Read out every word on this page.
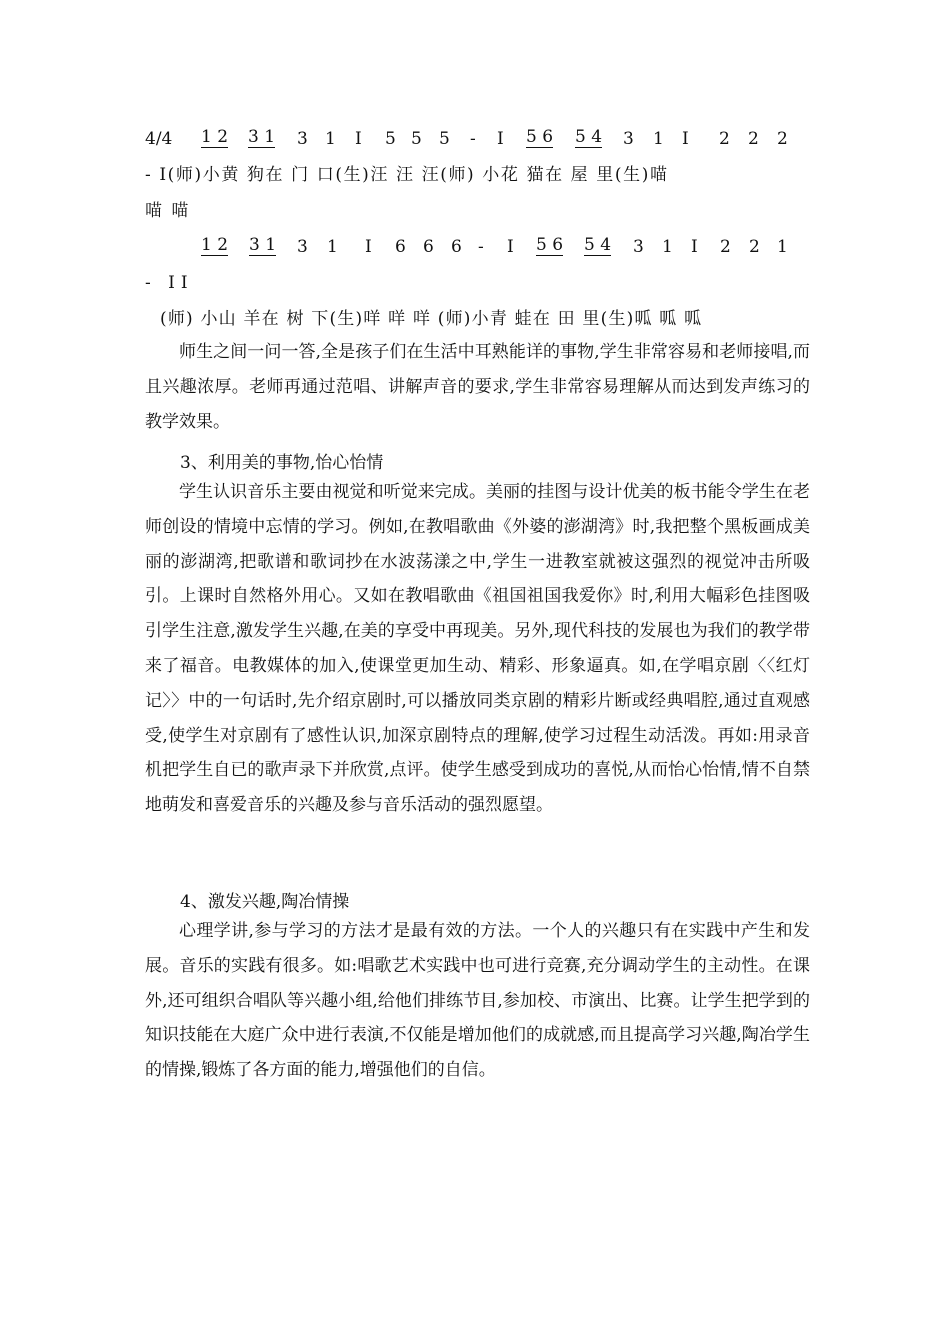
4/4 1 2 3 1 3 1 I 5 5 5 - I 5 6 5 4 3 1 I 2 2 2
- Ⅰ(师)小黄 狗在 门 口(生)汪 汪 汪(师) 小花 猫在 屋 里(生)喵
喵 喵
1 2 3 1 3 1 I 6 6 6 - I 5 6 5 4 3 1 I 2 2 1
- II
(师) 小山 羊在 树 下(生)咩 咩 咩 (师)小青 蛙在 田 里(生)呱 呱 呱
师生之间一问一答,全是孩子们在生活中耳熟能详的事物,学生非常容易和老师接唱,而且兴趣浓厚。老师再通过范唱、讲解声音的要求,学生非常容易理解从而达到发声练习的教学效果。
3、利用美的事物,怡心怡情
学生认识音乐主要由视觉和听觉来完成。美丽的挂图与设计优美的板书能令学生在老师创设的情境中忘情的学习。例如,在教唱歌曲《外婆的澎湖湾》时,我把整个黑板画成美丽的澎湖湾,把歌谱和歌词抄在水波荡漾之中,学生一进教室就被这强烈的视觉冲击所吸引。上课时自然格外用心。又如在教唱歌曲《祖国祖国我爱你》时,利用大幅彩色挂图吸引学生注意,激发学生兴趣,在美的享受中再现美。另外,现代科技的发展也为我们的教学带来了福音。电教媒体的加入,使课堂更加生动、精彩、形象逼真。如,在学唱京剧〈〈红灯记〉〉中的一句话时,先介绍京剧时,可以播放同类京剧的精彩片断或经典唱腔,通过直观感受,使学生对京剧有了感性认识,加深京剧特点的理解,使学习过程生动活泼。再如:用录音机把学生自已的歌声录下并欣赏,点评。使学生感受到成功的喜悦,从而怡心怡情,情不自禁地萌发和喜爱音乐的兴趣及参与音乐活动的强烈愿望。
4、激发兴趣,陶冶情操
心理学讲,参与学习的方法才是最有效的方法。一个人的兴趣只有在实践中产生和发展。音乐的实践有很多。如:唱歌艺术实践中也可进行竞赛,充分调动学生的主动性。在课外,还可组织合唱队等兴趣小组,给他们排练节目,参加校、市演出、比赛。让学生把学到的知识技能在大庭广众中进行表演,不仅能是增加他们的成就感,而且提高学习兴趣,陶冶学生的情操,锻炼了各方面的能力,增强他们的自信。
